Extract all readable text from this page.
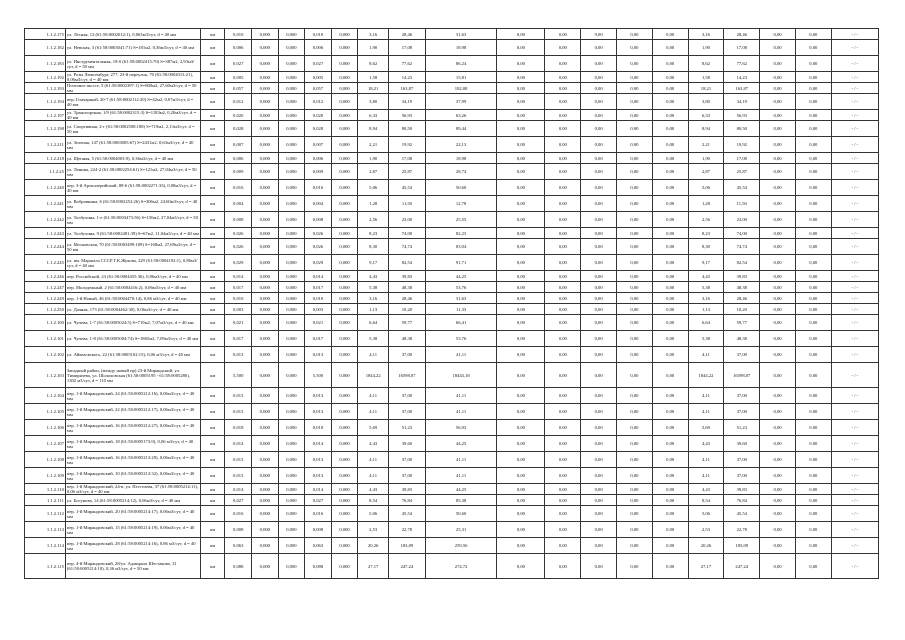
1.1.2.175	ул. Лесная, 12 (61:58:0002012:1), 0,063м3/сут, d = 40 мм	км	0,010	0,000	0,000	0,010	0,000	3,16	28,46	31,63	0,00	0,00	9,00	0,00	0,00	3,16	28,46	0,00	0,00	- / -
1.1.2.182	ул. Невская, 3 (61:58:0003041:71) S=181м2, 0,36м3/сут, d = 40 мм	км	0,006	0,000	0,000	0,006	0,000	1,90	17,08	18,98	0,00	0,00	0,00	0,00	0,00	1,90	17,08	0,00	0,00	- / -
1.1.2.183	ул. Инструментальная, 18-б (61:58:0002415:70) S=387м2, 2,93м3/сут, d = 50 мм	км	0,027	0,000	0,000	0,027	0,000	8,62	77,62	86,24	0,00	0,00	0,00	0,00	0,00	8,62	77,62	0,00	0,00	- / -
1.1.2.192	ул. Розы Люксембург, 277, 23-й переулок, 70 (61:58:0002013:21), 0,06м3/сут, d = 40 мм	км	0,005	0,000	0,000	0,005	0,000	1,58	14,23	15,81	0,00	0,00	0,00	0,00	0,00	1,58	14,23	0,00	0,00	- / -
1.1.2.193	Почтовое шоссе, 5 (61:58:0002397:1) S=800м2, 27,60м3/сут, d = 50 мм	км	0,057	0,000	0,000	0,057	0,000	18,21	163,87	182,08	0,00	0,00	0,00	0,00	0,00	18,21	163,87	0,00	0,00	- / -
1.1.2.194	пер. Гончарный, 20-7 (61:58:0002112:20) S=42м2, 0,07м3/сут, d = 40 мм	км	0,012	0,000	0,000	0,012	0,000	3,80	34,19	37,99	0,00	0,00	0,00	0,00	0,00	3,80	34,19	0,00	0,00	- / -
1.1.2.197	ул. Транспортная, 1/9 (61:58:0002315:3) S=1183м2, 0,20м3/сут, d = 40 мм	км	0,020	0,000	0,000	0,020	0,000	6,33	56,93	63,26	0,00	0,00	0,00	0,00	0,00	6,33	56,93	0,00	0,00	- / -
1.1.2.198	ул. Спортивная, 2-г (61:58:0002508:188) S=719м2, 2,13м3/сут, d = 50 мм	км	0,028	0,000	0,000	0,028	0,000	8,94	80,50	89,44	0,00	0,00	0,00	0,00	0,00	8,94	80,50	0,00	0,00	- / -
1.1.2.211	ул. Зеленая, 147 (61:58:0003005:67) S=2431м2, 0,63м3/сут, d = 40 мм	км	0,007	0,000	0,000	0,007	0,000	2,21	19,92	22,13	0,00	0,00	0,00	0,00	0,00	2,21	19,92	0,00	0,00	- / -
1.1.2.218	ул. Щепная, 5 (61:58:0004003:9), 0,36м3/сут, d = 40 мм	км	0,006	0,000	0,000	0,006	0,000	1,90	17,08	18,98	0,00	0,00	0,00	0,00	0,00	1,90	17,08	0,00	0,00	- / -
1.1.2.25	ул. Ленина, 224-2 (61:58:0002254:61) S=121м2, 27,04м3/сут, d = 50 мм	км	0,009	0,000	0,000	0,009	0,000	2,87	25,87	28,74	0,00	0,00	0,00	0,00	0,00	2,87	25,87	0,00	0,00	- / -
1.1.2.240	пер. 3-й Артиллерийский, 88-6 (61:58:0002271:33), 0,08м3/сут, d = 40 мм	км	0,016	0,000	0,000	0,016	0,000	5,06	45,54	50,60	0,00	0,00	0,00	0,00	0,00	5,06	45,54	0,00	0,00	- / -
1.1.2.241	ул. Вобровника, 6 (61:58:0002252:26) S=306м2, 24,60м3/сут, d = 40 мм	км	0,004	0,000	0,000	0,004	0,000	1,28	11,50	12,78	0,00	0,00	0,00	0,00	0,00	1,28	11,50	0,00	0,00	- / -
1.1.2.242	ул. Толбухина, 1-е (61:58:0003473:56) S=156м2, 27,04м3/сут, d = 50 мм	км	0,008	0,000	0,000	0,008	0,000	2,56	23,00	25,55	0,00	0,00	0,00	0,00	0,00	2,56	23,00	0,00	0,00	- / -
1.1.2.243	ул. Толбухина, 9 (61:58:0002481:39) S=67м2, 11,04м3/сут, d = 40 мм	км	0,026	0,000	0,000	0,026	0,000	8,23	74,00	82,23	0,00	0,00	0,00	0,00	0,00	8,23	74,00	0,00	0,00	- / -
1.1.2.244	ул. Московская, 70 (61:58:0003499:109) S=168м2, 27,69м3/сут, d = 50 мм	км	0,026	0,000	0,000	0,026	0,000	8,30	74,74	83,04	0,00	0,00	0,00	0,00	0,00	8,30	74,74	0,00	0,00	- / -
1.1.2.245	ул. им. Маршала СССР Г.К.Жукова, 229 (61:58:0004192:1), 0,86м3/сут, d = 40 мм	км	0,029	0,000	0,000	0,029	0,000	9,17	82,54	91,71	0,00	0,00	0,00	0,00	0,00	9,17	82,54	0,00	0,00	- / -
1.1.2.246	пер. Российский, 23 (61:58:0004455:36), 0,86м3/сут, d = 40 мм	км	0,014	0,000	0,000	0,014	0,000	4,43	39,83	44,25	0,00	0,00	0,00	0,00	0,00	4,43	39,83	0,00	0,00	- / -
1.1.2.247	пер. Молодежный, 2 (61:58:0004416:2), 0,06м3/сут, d = 40 мм	км	0,017	0,000	0,000	0,017	0,000	5,38	48,38	53,76	0,00	0,00	0,00	0,00	0,00	5,38	48,38	0,00	0,00	- / -
1.1.2.249	пер. 1-й Новый, 46 (61:58:0004470:14), 0,86 м3/сут, d = 40 мм	км	0,010	0,000	0,000	0,010	0,000	3,16	28,46	31,63	0,00	0,00	0,00	0,00	0,00	3,16	28,46	0,00	0,00	- / -
1.1.2.250	ул. Дачная, 173 (61:58:0004462:30), 0,06м3/сут, d = 40 мм	км	0,003	0,000	0,000	0,003	0,000	1,13	10,20	11,33	0,00	0,00	0,00	0,00	0,00	1,13	10,20	0,00	0,00	- / -
1.1.2.100	ул. Чучева, 1-7 (61:58:0005024:5) S=719м2, 7,07м3/сут, d = 40 мм	км	0,021	0,000	0,000	0,021	0,000	6,64	59,77	66,41	0,00	0,00	0,00	0,00	0,00	6,64	59,77	0,00	0,00	- / -
1.1.2.101	ул. Чучева, 1-8 (61:58:0005004:74) S=1865м2, 7,09м3/сут, d = 40 мм	км	0,017	0,000	0,000	0,017	0,000	5,38	48,38	53,76	0,00	0,00	0,00	0,00	0,00	5,38	48,38	0,00	0,00	- / -
1.1.2.102	ул. Айвазовского, 22 (61:58:0005102:15), 0,06 м3/сут, d = 40 мм	км	0,013	0,000	0,000	0,013	0,000	4,11	37,00	41,11	0,00	0,00	0,00	0,00	0,00	4,11	37,00	0,00	0,00	- / -
1.1.2.103	Западный район, (между новый пр) 23-й Мирандский, ул. Тимирязева, ул. Шолоховская (61:58:0005195 - 61:58:0005286), 1302 м3/сут, d = 110 мм	км	5,500	0,000	0,000	5,500	0,000	1844,22	16598,07	18443,18	0,00	0,00	0,00	0,00	0,00	1844,22	16598,07	0,00	0,00	- / -
1.1.2.104	пер. 1-й Мирандовский, 24 (61:58:0005212:16), 0,06м3/сут, d = 40 мм	км	0,013	0,000	0,000	0,013	0,000	4,11	37,00	41,11	0,00	0,00	0,00	0,00	0,00	4,11	37,00	0,00	0,00	- / -
1.1.2.105	пер. 1-й Мирандовский, 22 (61:58:0005212:17), 0,06м3/сут, d = 40 мм	км	0,013	0,000	0,000	0,013	0,000	4,11	37,00	41,11	0,00	0,00	0,00	0,00	0,00	4,11	37,00	0,00	0,00	- / -
1.1.2.106	пер. 1-й Мирандовский, 16 (61:58:0005212:27), 0,06м3/сут, d = 40 мм	км	0,018	0,000	0,000	0,018	0,000	5,69	51,23	56,93	0,00	0,00	0,00	0,00	0,00	5,69	51,23	0,00	0,00	- / -
1.1.2.107	пер. 1-й Мирандовский, 18 (61:58:0005173:9), 0,06 м3/сут, d = 40 мм	км	0,014	0,000	0,000	0,014	0,000	4,43	39,60	44,25	0,00	0,00	0,00	0,00	0,00	4,43	39,60	0,00	0,00	- / -
1.1.2.108	пер. 1-й Мирандовский, 16 (61:58:0005213:29), 0,06м3/сут, d = 40 мм	км	0,013	0,000	0,000	0,013	0,000	4,11	37,00	41,11	0,00	0,00	0,00	0,00	0,00	4,11	37,00	0,00	0,00	- / -
1.1.2.109	пер. 1-й Мирандовский, 10 (61:58:0005213:32), 0,06м3/сут, d = 40 мм	км	0,013	0,000	0,000	0,013	0,000	4,11	37,00	41,11	0,00	0,00	0,00	0,00	0,00	4,11	37,00	0,00	0,00	- / -
1.1.2.110	пер. 1-й Мирандовский, 24-в, ул. Пестелева, 37 (61:58:0005214:11), 0,06 м3/сут, d = 40 мм	км	0,014	0,000	0,000	0,014	0,000	4,43	39,83	44,25	0,00	0,00	0,00	0,00	0,00	4,43	39,83	0,00	0,00	- / -
1.1.2.111	ул. Богунова, 14 (61:58:0005214:12), 0,06м3/сут, d = 40 мм	км	0,027	0,000	0,000	0,027	0,000	8,54	76,84	85,38	0,00	0,00	0,00	0,00	0,00	8,54	76,84	0,00	0,00	- / -
1.1.2.112	пер. 1-й Мирандовский, 20 (61:58:0005214:17), 0,06м3/сут, d = 40 мм	км	0,016	0,000	0,000	0,016	0,000	5,06	45,54	50,60	0,00	0,00	0,00	0,00	0,00	5,06	45,54	0,00	0,00	- / -
1.1.2.113	пер. 1-й Мирандовский, 15 (61:58:0005214:19), 0,06м3/сут, d = 40 мм	км	0,008	0,000	0,000	0,008	0,000	2,53	22,78	25,31	0,00	0,00	0,00	0,00	0,00	2,53	22,78	0,00	0,00	- / -
1.1.2.114	пер. 1-й Мирандовский, 28 (61:58:0005214:16), 0,86 м3/сут, d = 40 мм	км	0,063	0,000	0,000	0,063	0,000	20,26	183,09	259,56	0,00	0,00	0,00	0,00	0,00	20,26	183,09	0,00	0,00	- / -
1.1.2.115	пер. 4-й Мирандовский, 28/ул. Адмирала Шестакова, 31 (61:58:0005214:18), 0,36 м3/сут, d = 50 мм	км	0,088	0,000	0,000	0,088	0,000	27,17	247,24	274,72	0,00	0,00	0,00	0,00	0,00	27,17	247,24	0,00	0,00	- / -
